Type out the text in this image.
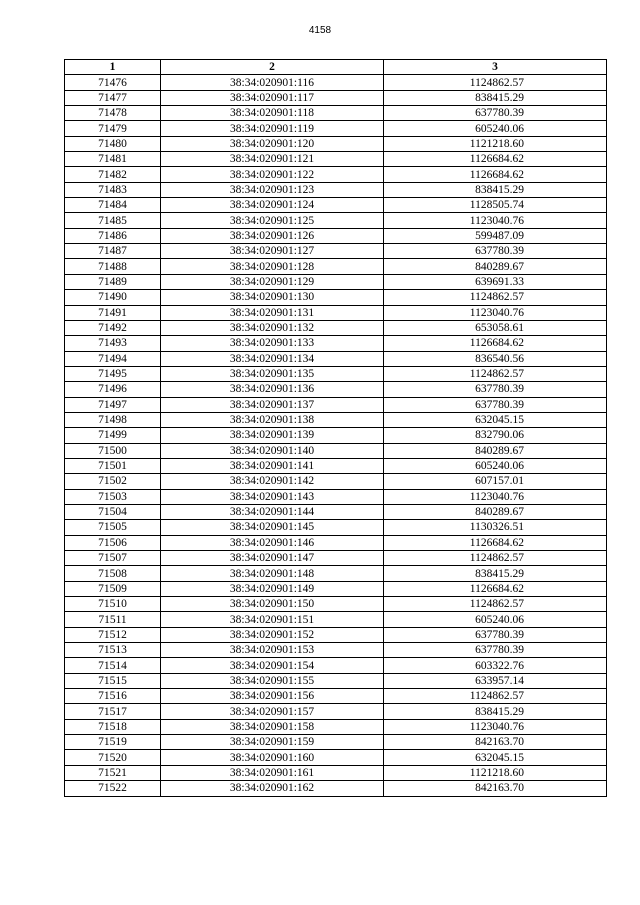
4158
1	2	3
71476	38:34:020901:116	1124862.57
71477	38:34:020901:117	838415.29
71478	38:34:020901:118	637780.39
71479	38:34:020901:119	605240.06
71480	38:34:020901:120	1121218.60
71481	38:34:020901:121	1126684.62
71482	38:34:020901:122	1126684.62
71483	38:34:020901:123	838415.29
71484	38:34:020901:124	1128505.74
71485	38:34:020901:125	1123040.76
71486	38:34:020901:126	599487.09
71487	38:34:020901:127	637780.39
71488	38:34:020901:128	840289.67
71489	38:34:020901:129	639691.33
71490	38:34:020901:130	1124862.57
71491	38:34:020901:131	1123040.76
71492	38:34:020901:132	653058.61
71493	38:34:020901:133	1126684.62
71494	38:34:020901:134	836540.56
71495	38:34:020901:135	1124862.57
71496	38:34:020901:136	637780.39
71497	38:34:020901:137	637780.39
71498	38:34:020901:138	632045.15
71499	38:34:020901:139	832790.06
71500	38:34:020901:140	840289.67
71501	38:34:020901:141	605240.06
71502	38:34:020901:142	607157.01
71503	38:34:020901:143	1123040.76
71504	38:34:020901:144	840289.67
71505	38:34:020901:145	1130326.51
71506	38:34:020901:146	1126684.62
71507	38:34:020901:147	1124862.57
71508	38:34:020901:148	838415.29
71509	38:34:020901:149	1126684.62
71510	38:34:020901:150	1124862.57
71511	38:34:020901:151	605240.06
71512	38:34:020901:152	637780.39
71513	38:34:020901:153	637780.39
71514	38:34:020901:154	603322.76
71515	38:34:020901:155	633957.14
71516	38:34:020901:156	1124862.57
71517	38:34:020901:157	838415.29
71518	38:34:020901:158	1123040.76
71519	38:34:020901:159	842163.70
71520	38:34:020901:160	632045.15
71521	38:34:020901:161	1121218.60
71522	38:34:020901:162	842163.70
